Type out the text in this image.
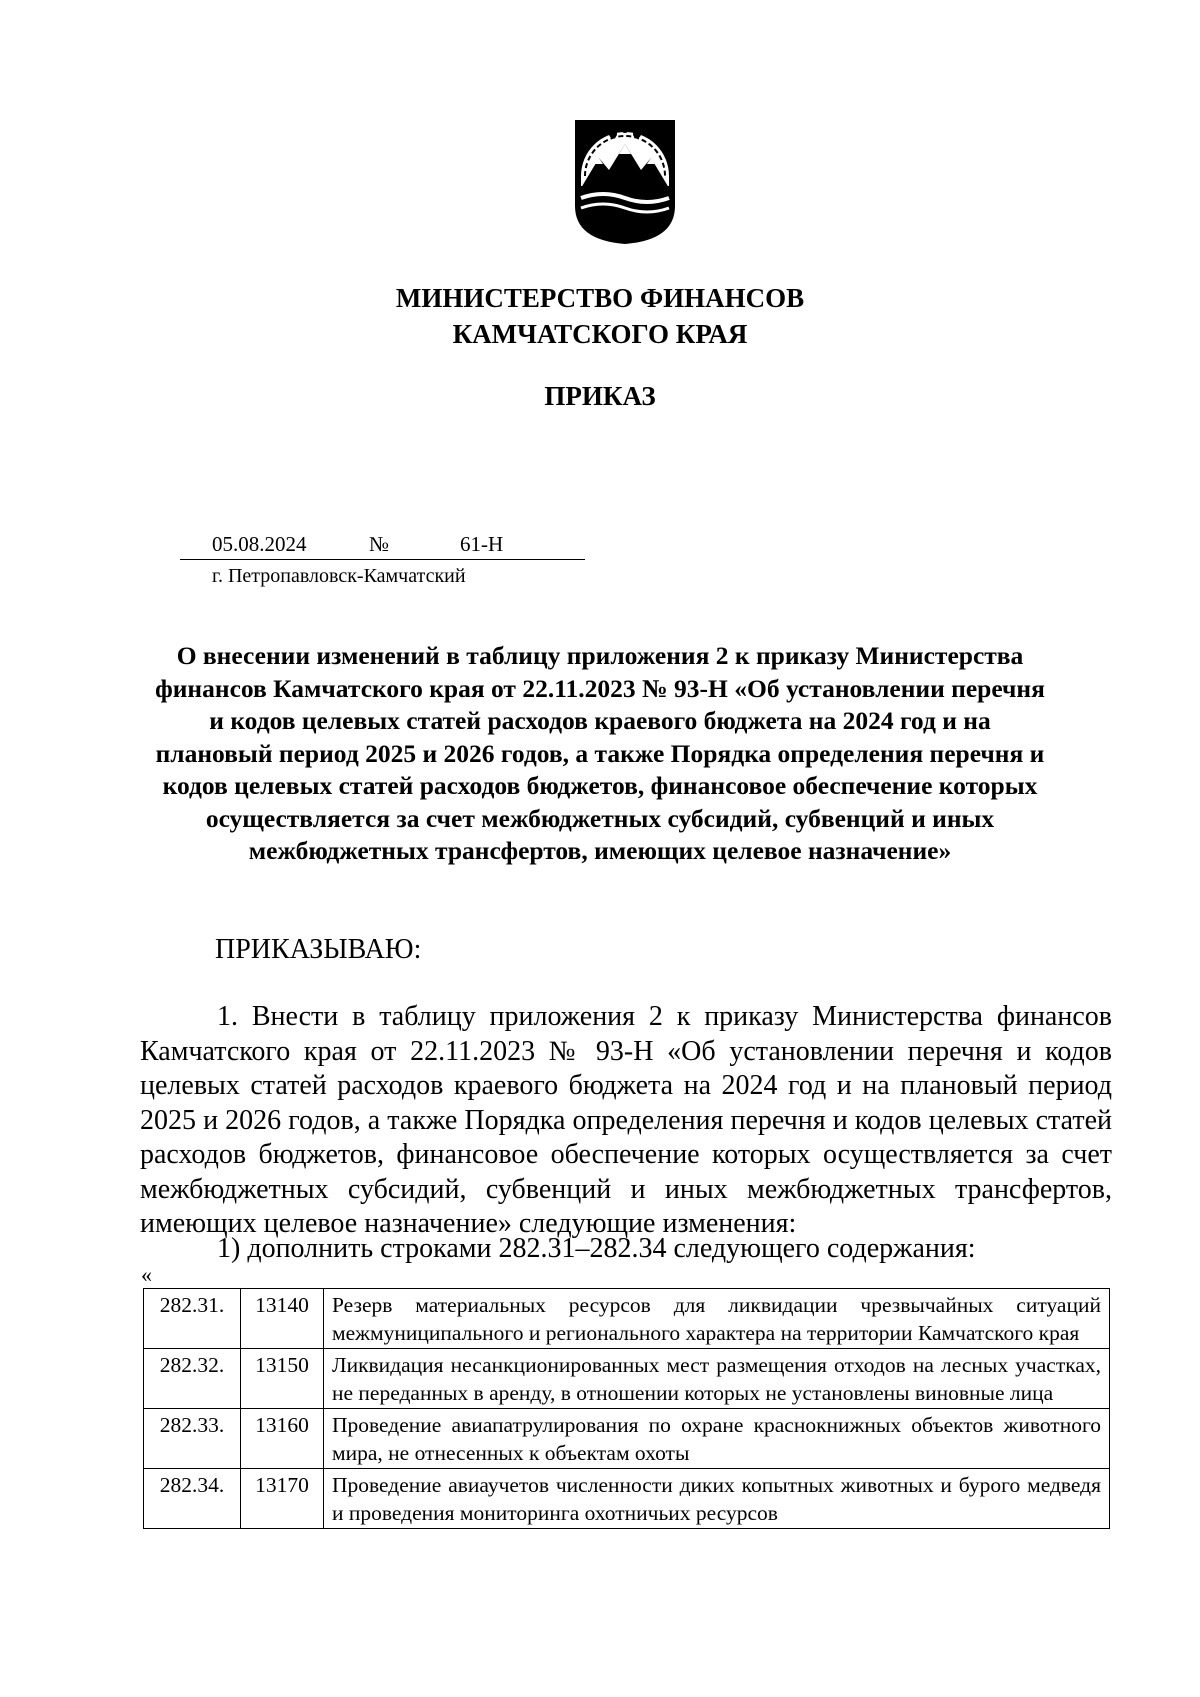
МИНИСТЕРСТВО ФИНАНСОВ
КАМЧАТСКОГО КРАЯ
ПРИКАЗ
05.08.2024	№	61-Н
г. Петропавловск-Камчатский

О внесении изменений в таблицу приложения 2 к приказу Министерства финансов Камчатского края от 22.11.2023 № 93-Н «Об установлении перечня и кодов целевых статей расходов краевого бюджета на 2024 год и на плановый период 2025 и 2026 годов, а также Порядка определения перечня и кодов целевых статей расходов бюджетов, финансовое обеспечение которых осуществляется за счет межбюджетных субсидий, субвенций и иных межбюджетных трансфертов, имеющих целевое назначение»

ПРИКАЗЫВАЮ:

1. Внести в таблицу приложения 2 к приказу Министерства финансов Камчатского края от 22.11.2023 № 93-Н «Об установлении перечня и кодов целевых статей расходов краевого бюджета на 2024 год и на плановый период 2025 и 2026 годов, а также Порядка определения перечня и кодов целевых статей расходов бюджетов, финансовое обеспечение которых осуществляется за счет межбюджетных субсидий, субвенций и иных межбюджетных трансфертов, имеющих целевое назначение» следующие изменения:

1) дополнить строками 282.31–282.34 следующего содержания:

«
282.31.	13140	Резерв материальных ресурсов для ликвидации чрезвычайных ситуаций межмуниципального и регионального характера на территории Камчатского края
282.32.	13150	Ликвидация несанкционированных мест размещения отходов на лесных участках, не переданных в аренду, в отношении которых не установлены виновные лица
282.33.	13160	Проведение авиапатрулирования по охране краснокнижных объектов животного мира, не отнесенных к объектам охоты
282.34.	13170	Проведение авиаучетов численности диких копытных животных и бурого медведя и проведения мониторинга охотничьих ресурсов
